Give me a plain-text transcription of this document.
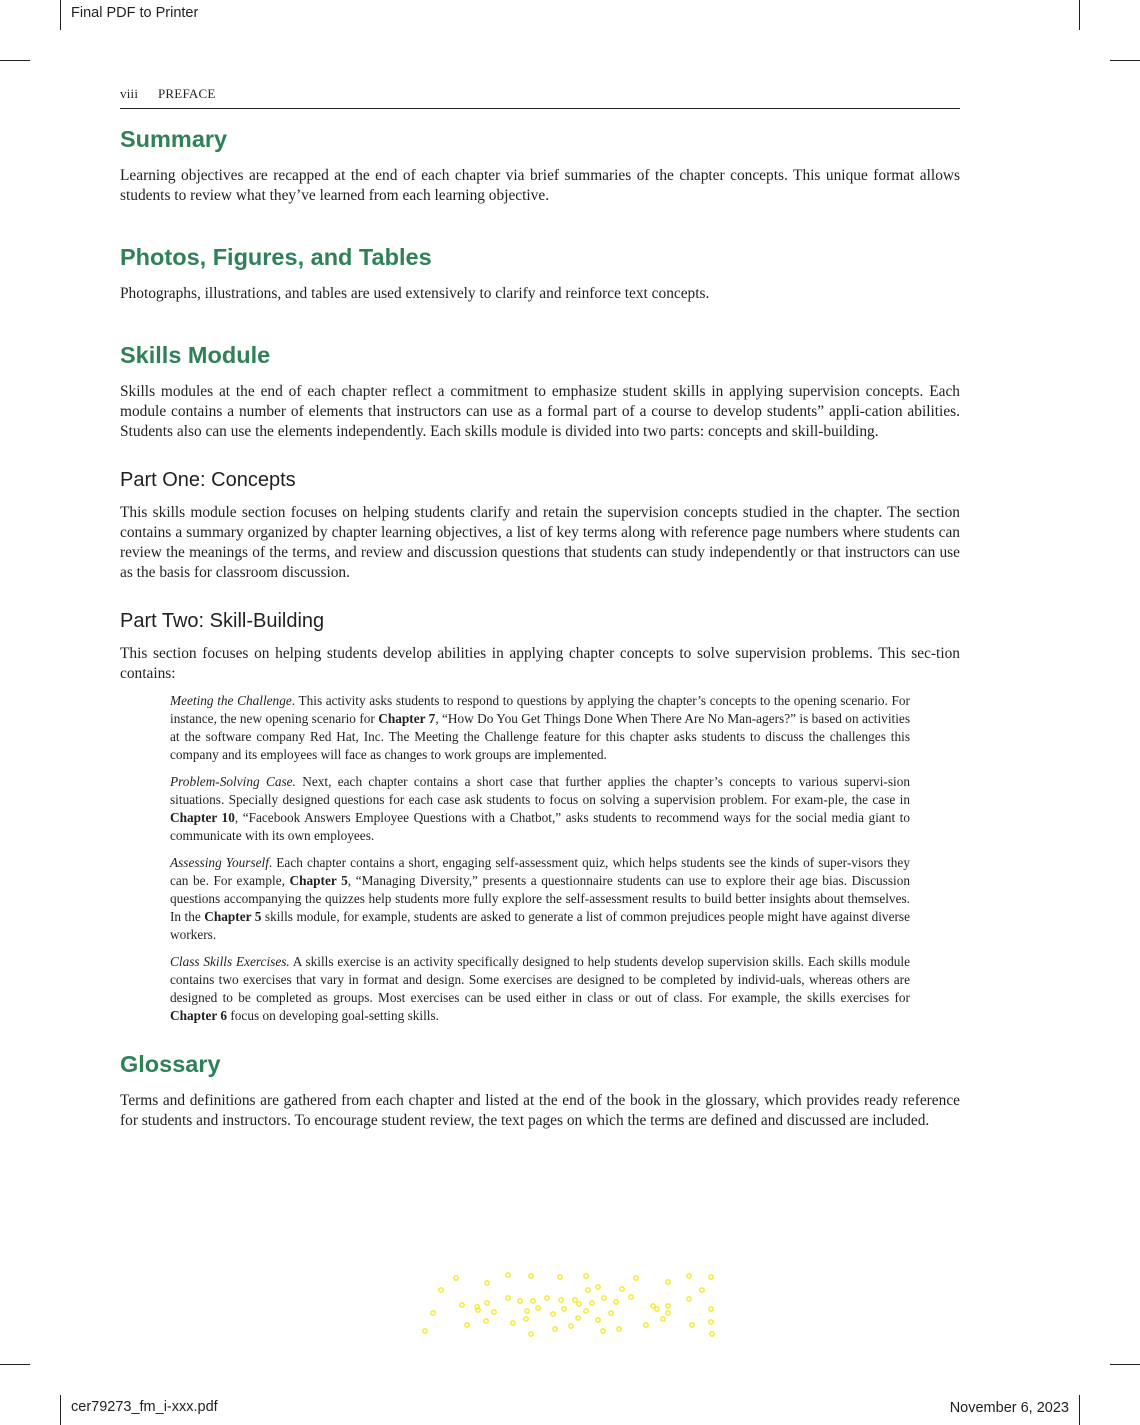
Final PDF to Printer
cer79273_fm_i-xxx.pdf	November 6, 2023
viii PREFACE
Summary

Learning objectives are recapped at the end of each chapter via brief summaries of the chapter concepts. This unique format allows students to review what they’ve learned from each learning objective.

Photos, Figures, and Tables

Photographs, illustrations, and tables are used extensively to clarify and reinforce text concepts.

Skills Module

Skills modules at the end of each chapter reflect a commitment to emphasize student skills in applying supervision concepts. Each module contains a number of elements that instructors can use as a formal part of a course to develop students” appli-cation abilities. Students also can use the elements independently. Each skills module is divided into two parts: concepts and skill-building.

Part One: Concepts

This skills module section focuses on helping students clarify and retain the supervision concepts studied in the chapter. The section contains a summary organized by chapter learning objectives, a list of key terms along with reference page numbers where students can review the meanings of the terms, and review and discussion questions that students can study independently or that instructors can use as the basis for classroom discussion.

Part Two: Skill-Building

This section focuses on helping students develop abilities in applying chapter concepts to solve supervision problems. This sec-tion contains:

Meeting the Challenge. This activity asks students to respond to questions by applying the chapter’s concepts to the opening scenario. For instance, the new opening scenario for Chapter 7, “How Do You Get Things Done When There Are No Man-agers?” is based on activities at the software company Red Hat, Inc. The Meeting the Challenge feature for this chapter asks students to discuss the challenges this company and its employees will face as changes to work groups are implemented.

Problem-Solving Case. Next, each chapter contains a short case that further applies the chapter’s concepts to various supervi-sion situations. Specially designed questions for each case ask students to focus on solving a supervision problem. For exam-ple, the case in Chapter 10, “Facebook Answers Employee Questions with a Chatbot,” asks students to recommend ways for the social media giant to communicate with its own employees.

Assessing Yourself. Each chapter contains a short, engaging self-assessment quiz, which helps students see the kinds of super-visors they can be. For example, Chapter 5, “Managing Diversity,” presents a questionnaire students can use to explore their age bias. Discussion questions accompanying the quizzes help students more fully explore the self-assessment results to build better insights about themselves. In the Chapter 5 skills module, for example, students are asked to generate a list of common prejudices people might have against diverse workers.

Class Skills Exercises. A skills exercise is an activity specifically designed to help students develop supervision skills. Each skills module contains two exercises that vary in format and design. Some exercises are designed to be completed by individ-uals, whereas others are designed to be completed as groups. Most exercises can be used either in class or out of class. For example, the skills exercises for Chapter 6 focus on developing goal-setting skills.

Glossary

Terms and definitions are gathered from each chapter and listed at the end of the book in the glossary, which provides ready reference for students and instructors. To encourage student review, the text pages on which the terms are defined and discussed are included.
